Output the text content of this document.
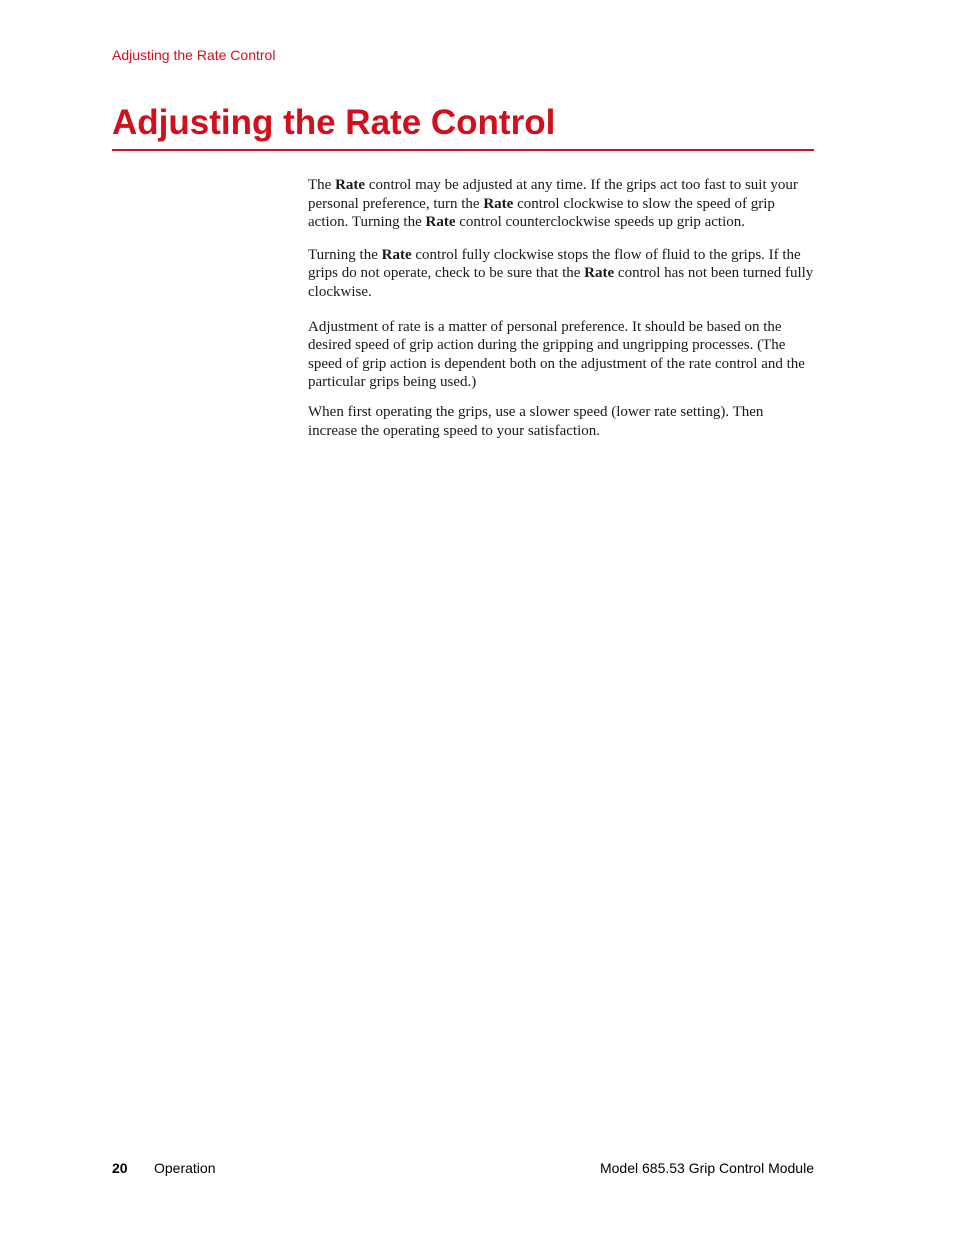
Adjusting the Rate Control
Adjusting the Rate Control

The Rate control may be adjusted at any time. If the grips act too fast to suit your personal preference, turn the Rate control clockwise to slow the speed of grip action. Turning the Rate control counterclockwise speeds up grip action.

Turning the Rate control fully clockwise stops the flow of fluid to the grips. If the grips do not operate, check to be sure that the Rate control has not been turned fully clockwise.

Adjustment of rate is a matter of personal preference. It should be based on the desired speed of grip action during the gripping and ungripping processes. (The speed of grip action is dependent both on the adjustment of the rate control and the particular grips being used.)

When first operating the grips, use a slower speed (lower rate setting). Then increase the operating speed to your satisfaction.

20 Operation	Model 685.53 Grip Control Module
